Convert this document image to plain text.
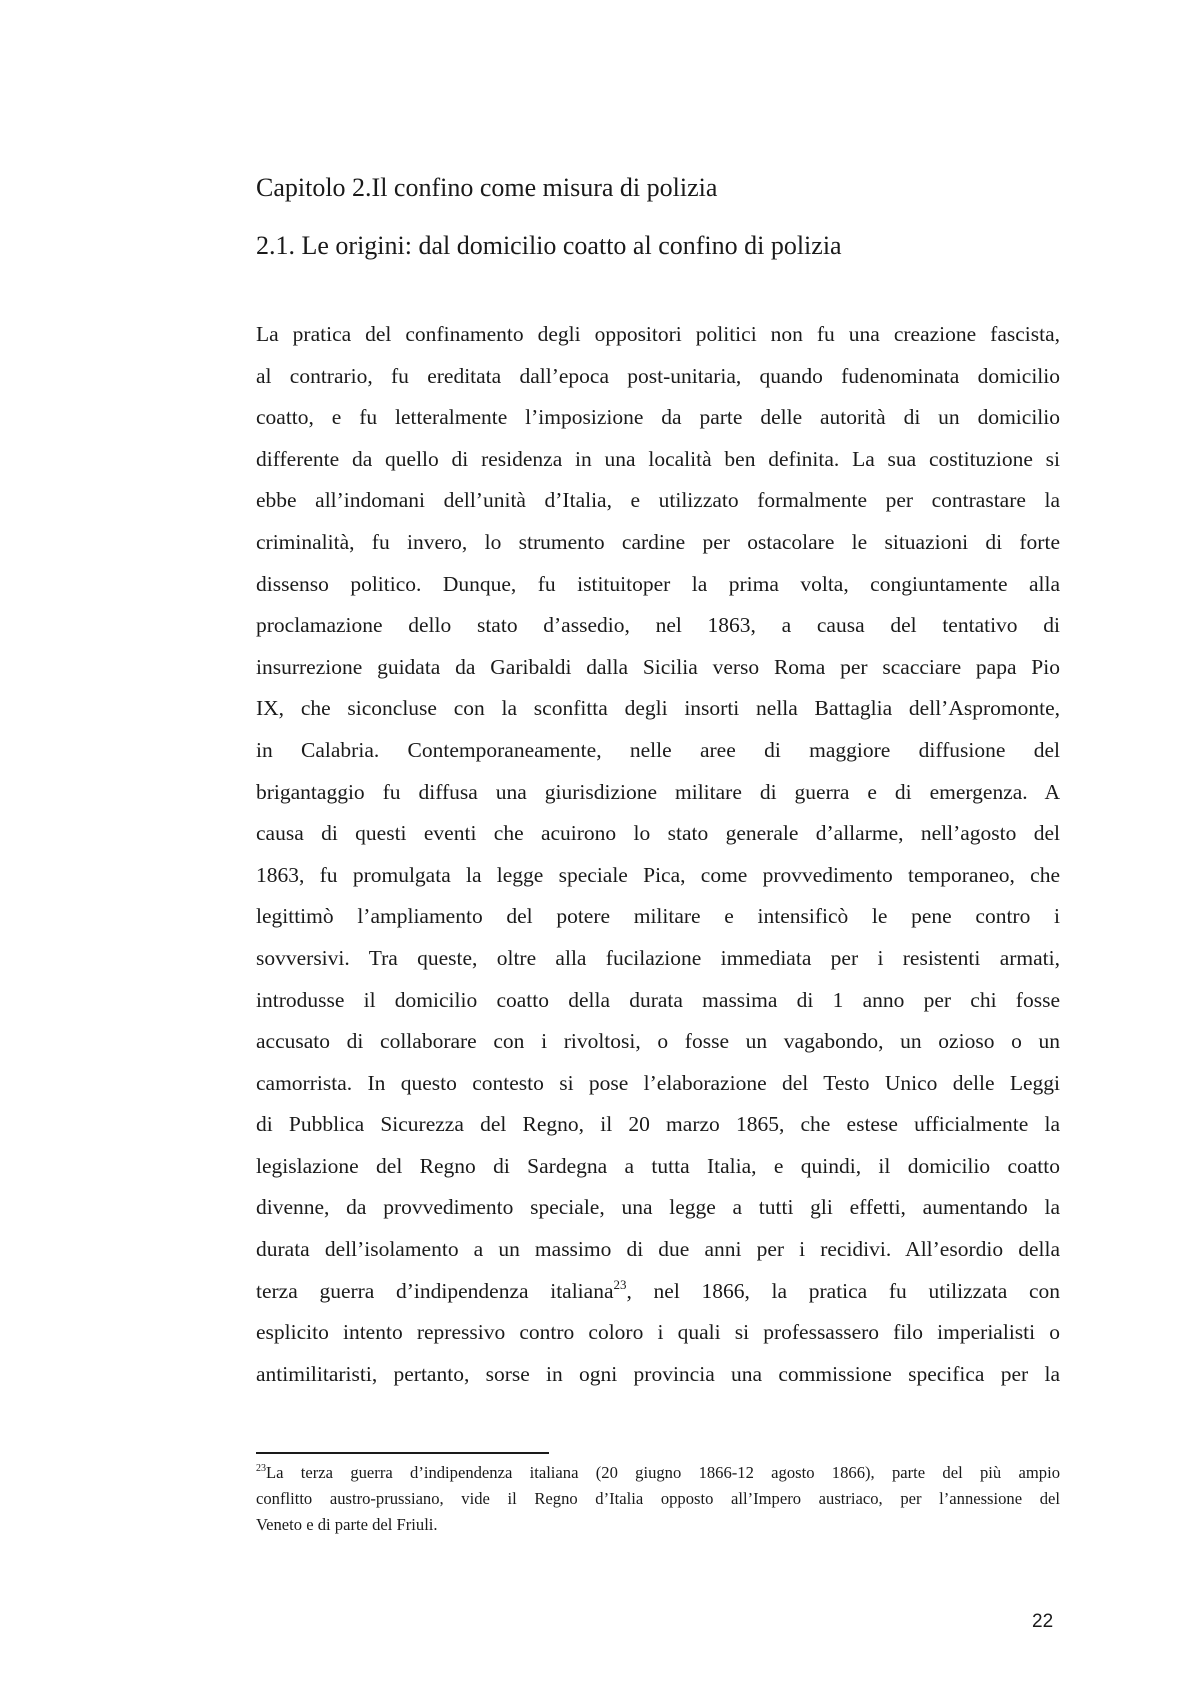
Capitolo 2.Il confino come misura di polizia
2.1. Le origini: dal domicilio coatto al confino di polizia
La pratica del confinamento degli oppositori politici non fu una creazione fascista,
al contrario, fu ereditata dall’epoca post-unitaria, quando fudenominata domicilio
coatto, e fu letteralmente l’imposizione da parte delle autorità di un domicilio
differente da quello di residenza in una località ben definita. La sua costituzione si
ebbe all’indomani dell’unità d’Italia, e utilizzato formalmente per contrastare la
criminalità, fu invero, lo strumento cardine per ostacolare le situazioni di forte
dissenso politico. Dunque, fu istituitoper la prima volta, congiuntamente alla
proclamazione dello stato d’assedio, nel 1863, a causa del tentativo di
insurrezione guidata da Garibaldi dalla Sicilia verso Roma per scacciare papa Pio
IX, che siconcluse con la sconfitta degli insorti nella Battaglia dell’Aspromonte,
in Calabria. Contemporaneamente, nelle aree di maggiore diffusione del
brigantaggio fu diffusa una giurisdizione militare di guerra e di emergenza. A
causa di questi eventi che acuirono lo stato generale d’allarme, nell’agosto del
1863, fu promulgata la legge speciale Pica, come provvedimento temporaneo, che
legittimò l’ampliamento del potere militare e intensificò le pene contro i
sovversivi. Tra queste, oltre alla fucilazione immediata per i resistenti armati,
introdusse il domicilio coatto della durata massima di 1 anno per chi fosse
accusato di collaborare con i rivoltosi, o fosse un vagabondo, un ozioso o un
camorrista. In questo contesto si pose l’elaborazione del Testo Unico delle Leggi
di Pubblica Sicurezza del Regno, il 20 marzo 1865, che estese ufficialmente la
legislazione del Regno di Sardegna a tutta Italia, e quindi, il domicilio coatto
divenne, da provvedimento speciale, una legge a tutti gli effetti, aumentando la
durata dell’isolamento a un massimo di due anni per i recidivi. All’esordio della
terza guerra d’indipendenza italiana$^{23}$, nel 1866, la pratica fu utilizzata con
esplicito intento repressivo contro coloro i quali si professassero filo imperialisti o
antimilitaristi, pertanto, sorse in ogni provincia una commissione specifica per la
$^{23}$La terza guerra d’indipendenza italiana (20 giugno 1866-12 agosto 1866), parte del più ampio
conflitto austro-prussiano, vide il Regno d’Italia opposto all’Impero austriaco, per l’annessione del
Veneto e di parte del Friuli.
22
